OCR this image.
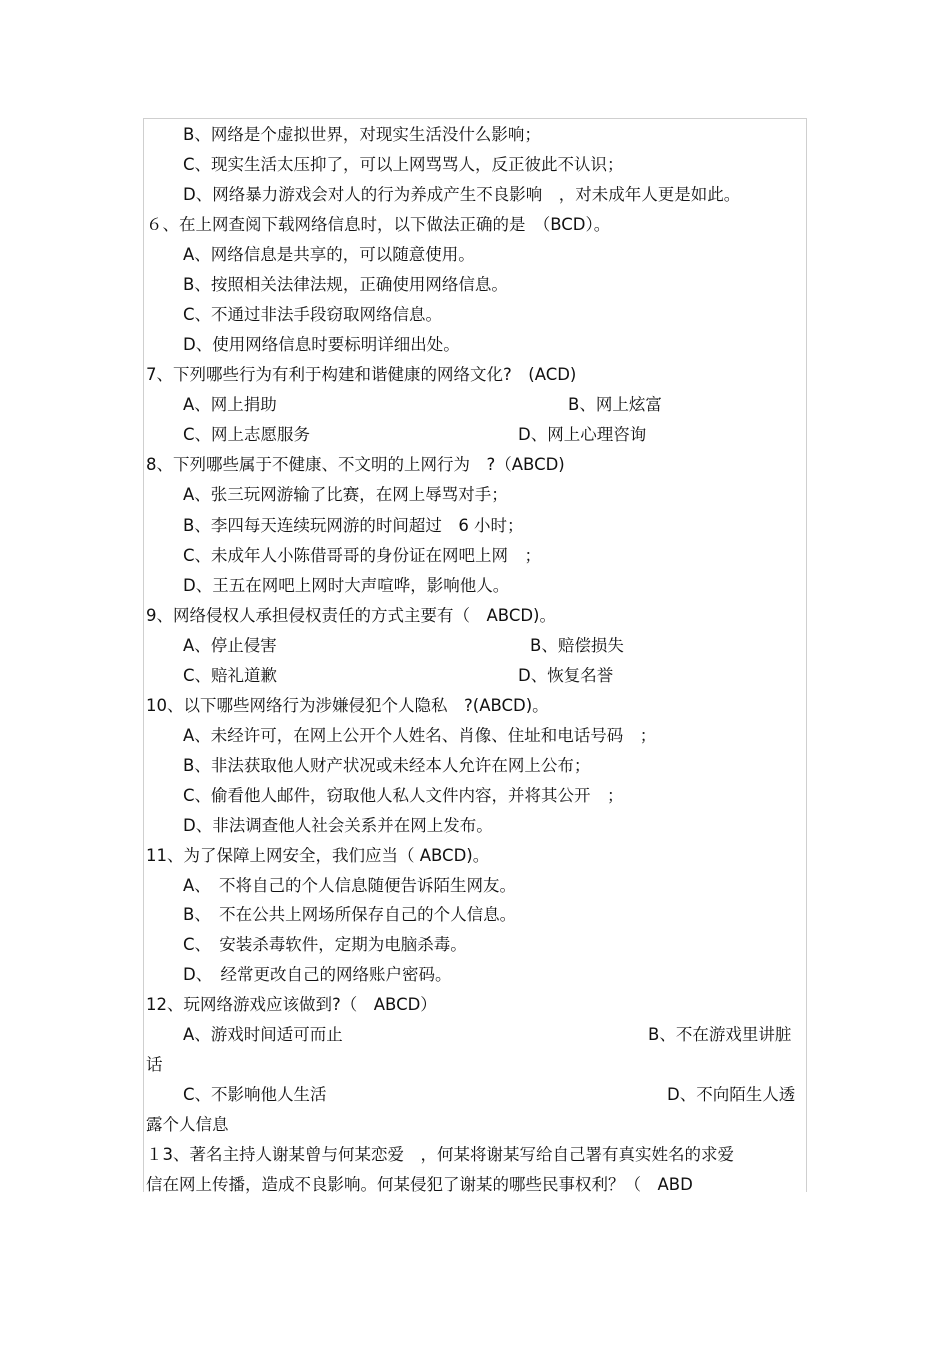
B、网络是个虚拟世界，对现实生活没什么影响；
C、现实生活太压抑了，可以上网骂骂人，反正彼此不认识；
D、网络暴力游戏会对人的行为养成产生不良影响　，对未成年人更是如此。
６、在上网查阅下载网络信息时，以下做法正确的是　（BCD）。
A、网络信息是共享的，可以随意使用。
B、按照相关法律法规，正确使用网络信息。
C、不通过非法手段窃取网络信息。
D、使用网络信息时要标明详细出处。
7、下列哪些行为有利于构建和谐健康的网络文化?　(ACD)
A、网上捐助	B、网上炫富
C、网上志愿服务	D、网上心理咨询
8、下列哪些属于不健康、不文明的上网行为　?（ABCD)
A、张三玩网游输了比赛，在网上辱骂对手；
B、李四每天连续玩网游的时间超过　6 小时；
C、未成年人小陈借哥哥的身份证在网吧上网　；
D、王五在网吧上网时大声喧哗，影响他人。
9、网络侵权人承担侵权责任的方式主要有（　ABCD)。
A、停止侵害	B、赔偿损失
C、赔礼道歉	D、恢复名誉
10、以下哪些网络行为涉嫌侵犯个人隐私　?(ABCD)。
A、未经许可，在网上公开个人姓名、肖像、住址和电话号码　；
B、非法获取他人财产状况或未经本人允许在网上公布；
C、偷看他人邮件，窃取他人私人文件内容，并将其公开　；
D、非法调查他人社会关系并在网上发布。
11、为了保障上网安全，我们应当（ ABCD)。
A、　不将自己的个人信息随便告诉陌生网友。
B、　不在公共上网场所保存自己的个人信息。
C、　安装杀毒软件，定期为电脑杀毒。
D、　经常更改自己的网络账户密码。
12、玩网络游戏应该做到?（　ABCD）
A、游戏时间适可而止	B、不在游戏里讲脏
话
C、不影响他人生活	D、不向陌生人透
露个人信息
１3、著名主持人谢某曾与何某恋爱　，何某将谢某写给自己署有真实姓名的求爱
信在网上传播，造成不良影响。何某侵犯了谢某的哪些民事权利？（　ABD
